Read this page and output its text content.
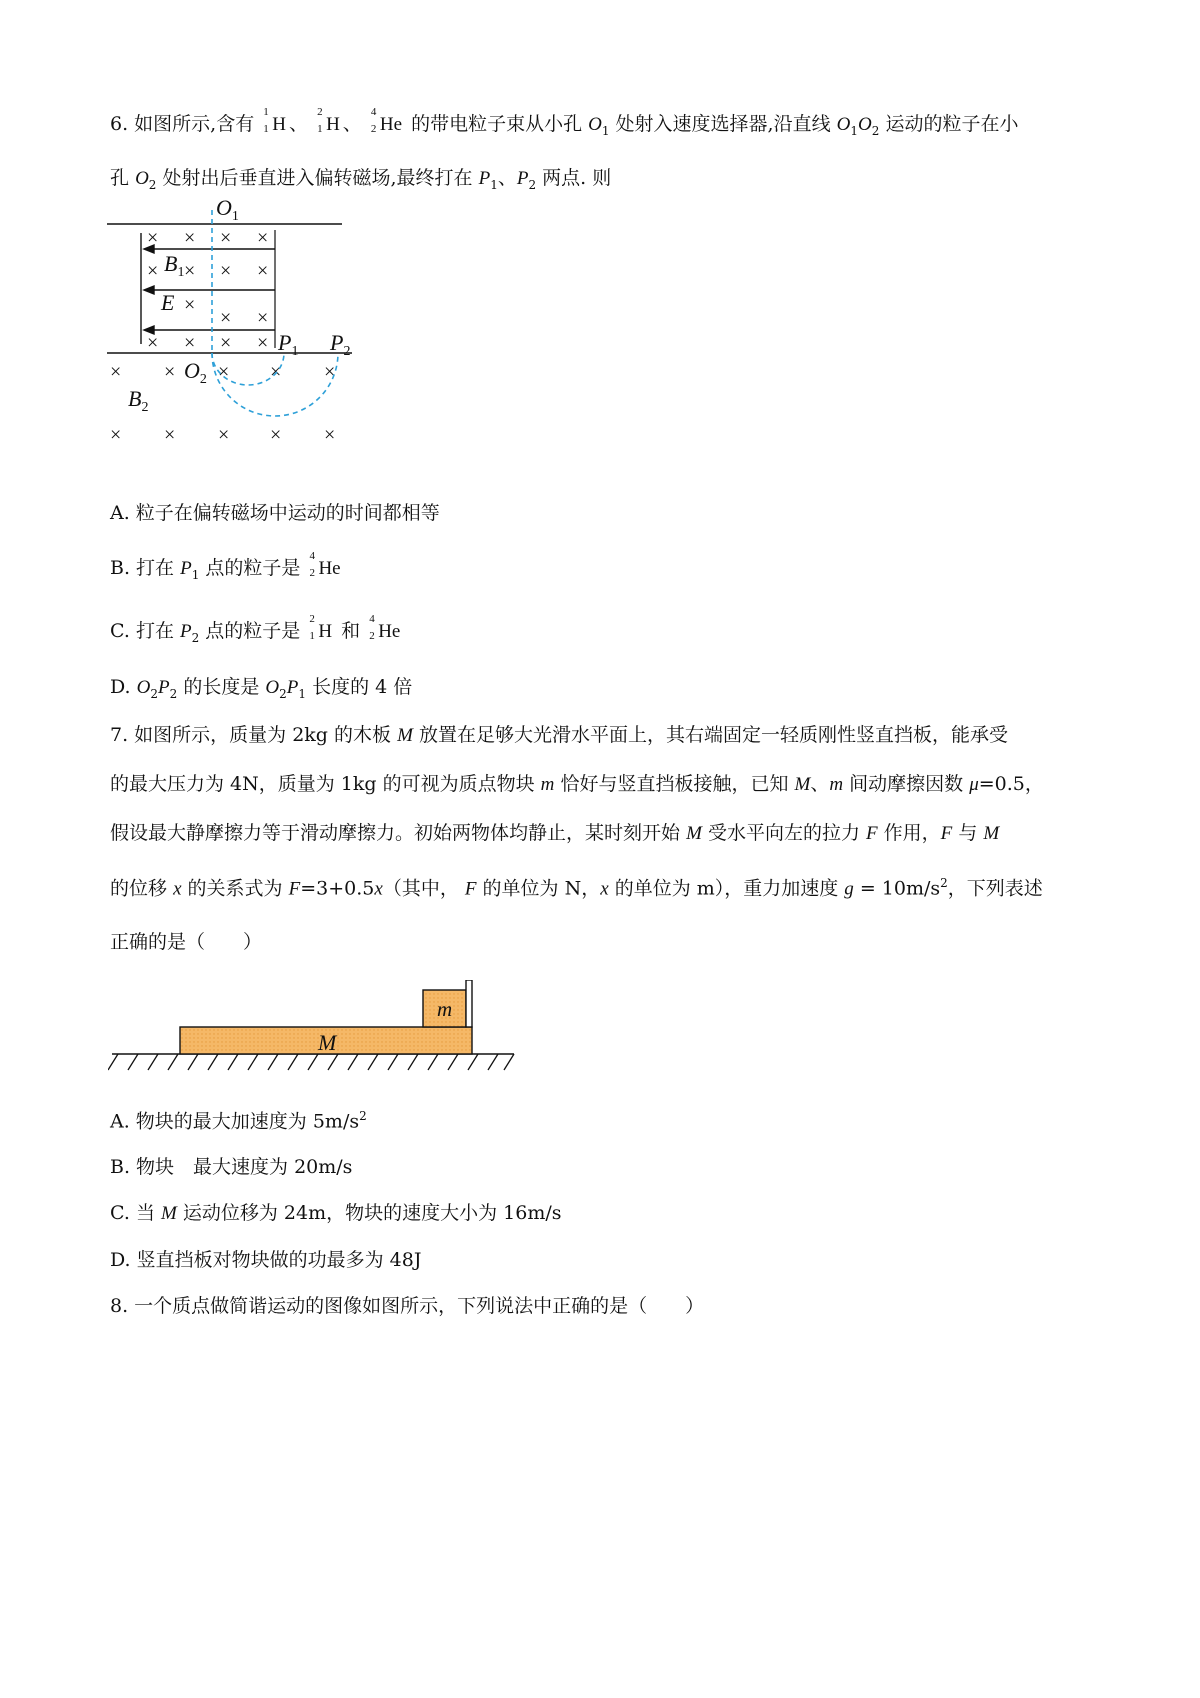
6. 如图所示,含有
1
1 H 、
2
1 H 、
4
2 He 的带电粒子束从小孔 $O_1$ 处射入速度选择器,沿直线 $O_1O_2$ 运动的粒子在小
孔 $O_2$ 处射出后垂直进入偏转磁场,最终打在 $P_1$、$P_2$ 两点. 则
× × × ×
× × × ×
×
× ×
× × × ×
× × × × ×
× × × × ×
$O_1$
$B_1$
E
$P_1$ $P_2$
$O_2$
$B_2$
A. 粒子在偏转磁场中运动的时间都相等
B. 打在 $P_1$ 点的粒子是
4
2 He
C. 打在 $P_2$ 点的粒子是
2
1 H 和
4
2 He
D. $O_2P_2$ 的长度是 $O_2P_1$ 长度的 4 倍
7. 如图所示，质量为 2kg 的木板 M 放置在足够大光滑水平面上，其右端固定一轻质刚性竖直挡板，能承受
的最大压力为 4N，质量为 1kg 的可视为质点物块 m 恰好与竖直挡板接触，已知 M、m 间动摩擦因数 μ=0.5，
假设最大静摩擦力等于滑动摩擦力。初始两物体均静止，某时刻开始 M 受水平向左的拉力 F 作用，F 与 M
的位移 x 的关系式为 F=3+0.5x（其中， F 的单位为 N，x 的单位为 m），重力加速度 $g = 10m/s^2$，下列表述
正确的是（　　）
M
m
A. 物块的最大加速度为 $5m/s^2$
B. 物块　最大速度为 20m/s
C. 当 M 运动位移为 24m，物块的速度大小为 16m/s
D. 竖直挡板对物块做的功最多为 48J
8. 一个质点做简谐运动的图像如图所示，下列说法中正确的是（　　）
